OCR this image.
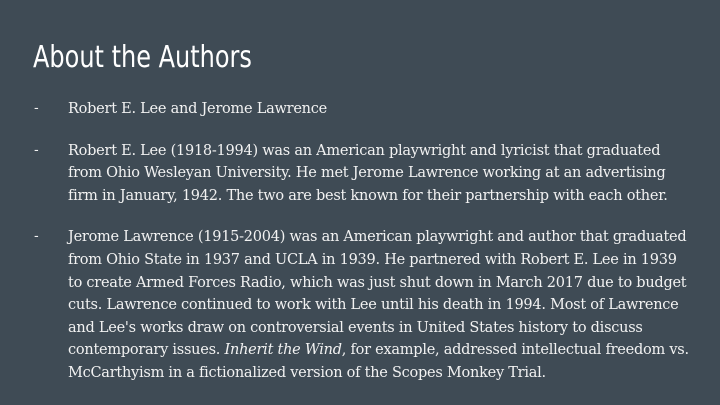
About the Authors
-	Robert E. Lee and Jerome Lawrence
-	Robert E. Lee (1918-1994) was an American playwright and lyricist that graduated from Ohio Wesleyan University. He met Jerome Lawrence working at an advertising firm in January, 1942. The two are best known for their partnership with each other.
-	Jerome Lawrence (1915-2004) was an American playwright and author that graduated from Ohio State in 1937 and UCLA in 1939. He partnered with Robert E. Lee in 1939 to create Armed Forces Radio, which was just shut down in March 2017 due to budget cuts. Lawrence continued to work with Lee until his death in 1994. Most of Lawrence and Lee's works draw on controversial events in United States history to discuss contemporary issues. Inherit the Wind, for example, addressed intellectual freedom vs. McCarthyism in a fictionalized version of the Scopes Monkey Trial.
